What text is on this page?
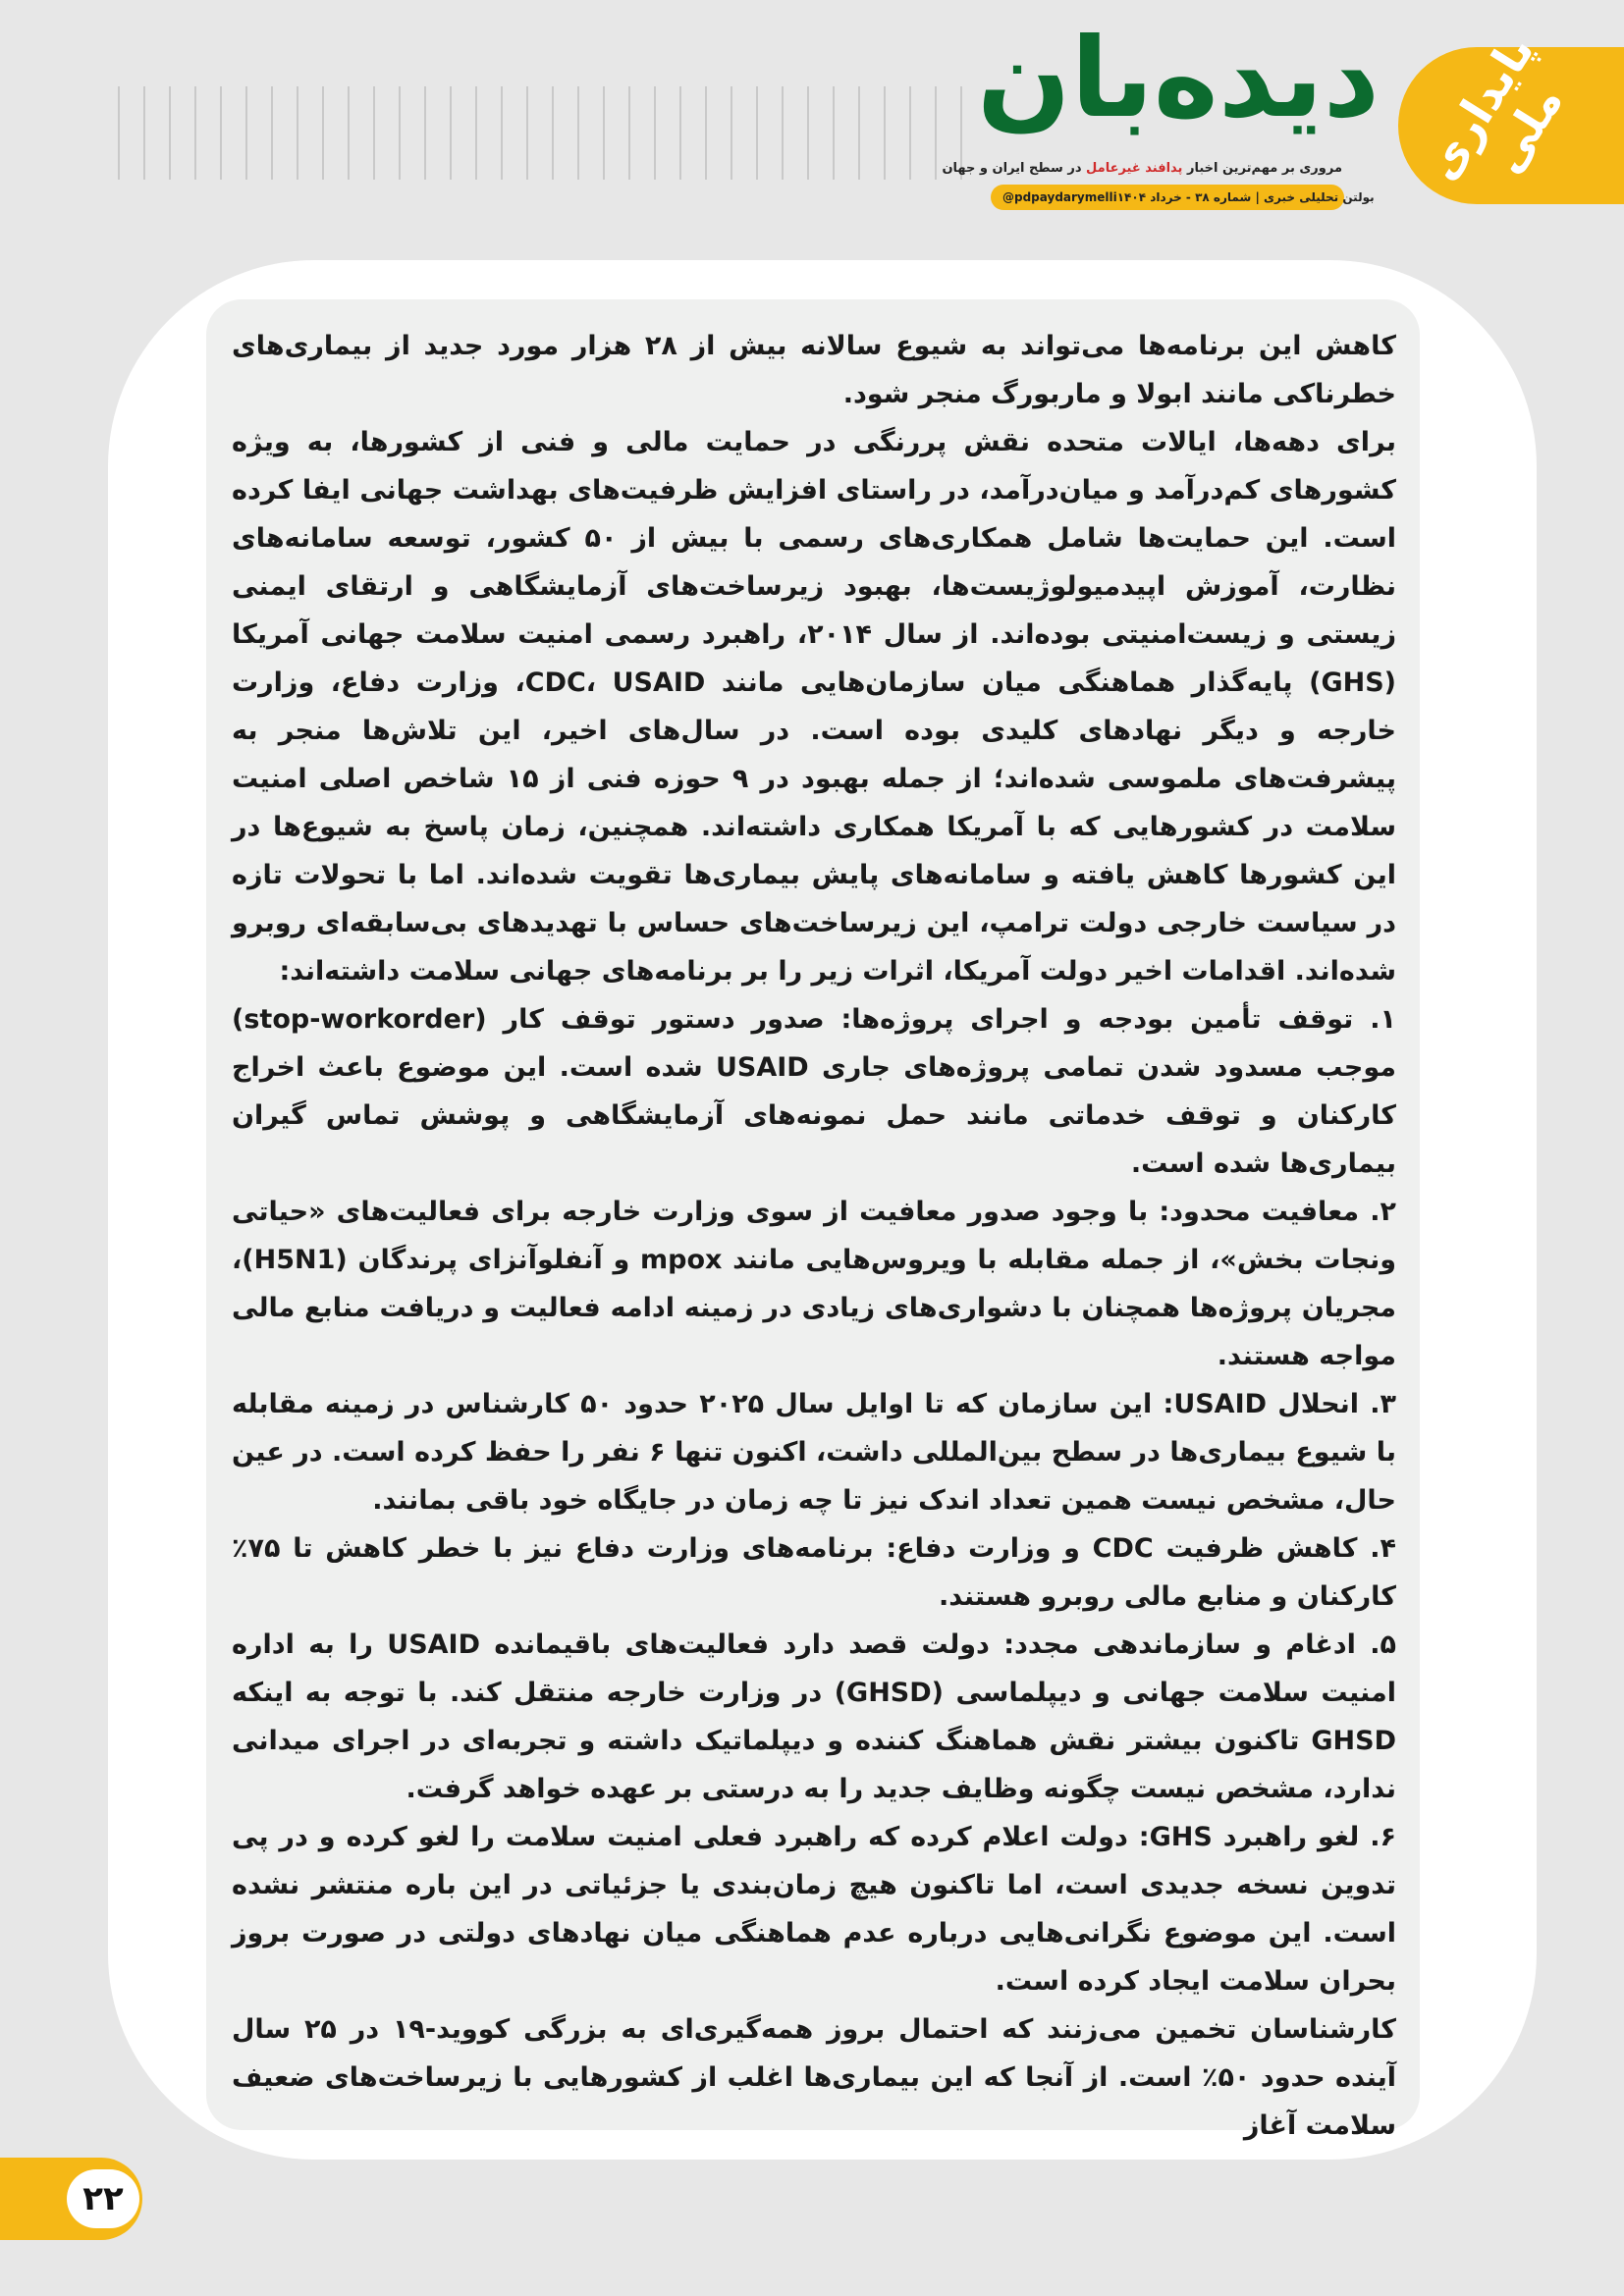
دیده‌بان
مروری بر مهم‌ترین اخبار پدافند غیرعامل در سطح ایران و جهان
@pdpaydarymelli بولتن تحلیلی خبری | شماره ۳۸ - خرداد ۱۴۰۴
پایداری ملی

کاهش این برنامه‌ها می‌تواند به شیوع سالانه بیش از ۲۸ هزار مورد جدید از بیماری‌های خطرناکی مانند ابولا و ماربورگ منجر شود.

برای دهه‌ها، ایالات متحده نقش پررنگی در حمایت مالی و فنی از کشورها، به ویژه کشورهای کم‌درآمد و میان‌درآمد، در راستای افزایش ظرفیت‌های بهداشت جهانی ایفا کرده است. این حمایت‌ها شامل همکاری‌های رسمی با بیش از ۵۰ کشور، توسعه سامانه‌های نظارت، آموزش اپیدمیولوژیست‌ها، بهبود زیرساخت‌های آزمایشگاهی و ارتقای ایمنی زیستی و زیست‌امنیتی بوده‌اند. از سال ۲۰۱۴، راهبرد رسمی امنیت سلامت جهانی آمریکا (GHS) پایه‌گذار هماهنگی میان سازمان‌هایی مانند CDC، USAID، وزارت دفاع، وزارت خارجه و دیگر نهادهای کلیدی بوده است. در سال‌های اخیر، این تلاش‌ها منجر به پیشرفت‌های ملموسی شده‌اند؛ از جمله بهبود در ۹ حوزه فنی از ۱۵ شاخص اصلی امنیت سلامت در کشورهایی که با آمریکا همکاری داشته‌اند. همچنین، زمان پاسخ به شیوع‌ها در این کشورها کاهش یافته و سامانه‌های پایش بیماری‌ها تقویت شده‌اند. اما با تحولات تازه در سیاست خارجی دولت ترامپ، این زیرساخت‌های حساس با تهدیدهای بی‌سابقه‌ای روبرو شده‌اند. اقدامات اخیر دولت آمریکا، اثرات زیر را بر برنامه‌های جهانی سلامت داشته‌اند:

۱. توقف تأمین بودجه و اجرای پروژه‌ها: صدور دستور توقف کار (stop-workorder) موجب مسدود شدن تمامی پروژه‌های جاری USAID شده است. این موضوع باعث اخراج کارکنان و توقف خدماتی مانند حمل نمونه‌های آزمایشگاهی و پوشش تماس گیران بیماری‌ها شده است.

۲. معافیت محدود: با وجود صدور معافیت از سوی وزارت خارجه برای فعالیت‌های «حیاتی ونجات بخش»، از جمله مقابله با ویروس‌هایی مانند mpox و آنفلوآنزای پرندگان (H5N1)، مجریان پروژه‌ها همچنان با دشواری‌های زیادی در زمینه ادامه فعالیت و دریافت منابع مالی مواجه هستند.

۳. انحلال USAID: این سازمان که تا اوایل سال ۲۰۲۵ حدود ۵۰ کارشناس در زمینه مقابله با شیوع بیماری‌ها در سطح بین‌المللی داشت، اکنون تنها ۶ نفر را حفظ کرده است. در عین حال، مشخص نیست همین تعداد اندک نیز تا چه زمان در جایگاه خود باقی بمانند.

۴. کاهش ظرفیت CDC و وزارت دفاع: برنامه‌های وزارت دفاع نیز با خطر کاهش تا ۷۵٪ کارکنان و منابع مالی روبرو هستند.

۵. ادغام و سازماندهی مجدد: دولت قصد دارد فعالیت‌های باقیمانده USAID را به اداره امنیت سلامت جهانی و دیپلماسی (GHSD) در وزارت خارجه منتقل کند. با توجه به اینکه GHSD تاکنون بیشتر نقش هماهنگ کننده و دیپلماتیک داشته و تجربه‌ای در اجرای میدانی ندارد، مشخص نیست چگونه وظایف جدید را به درستی بر عهده خواهد گرفت.

۶. لغو راهبرد GHS: دولت اعلام کرده که راهبرد فعلی امنیت سلامت را لغو کرده و در پی تدوین نسخه جدیدی است، اما تاکنون هیچ زمان‌بندی یا جزئیاتی در این باره منتشر نشده است. این موضوع نگرانی‌هایی درباره عدم هماهنگی میان نهادهای دولتی در صورت بروز بحران سلامت ایجاد کرده است.

کارشناسان تخمین می‌زنند که احتمال بروز همه‌گیری‌ای به بزرگی کووید-۱۹ در ۲۵ سال آینده حدود ۵۰٪ است. از آنجا که این بیماری‌ها اغلب از کشورهایی با زیرساخت‌های ضعیف سلامت آغاز

۲۲
